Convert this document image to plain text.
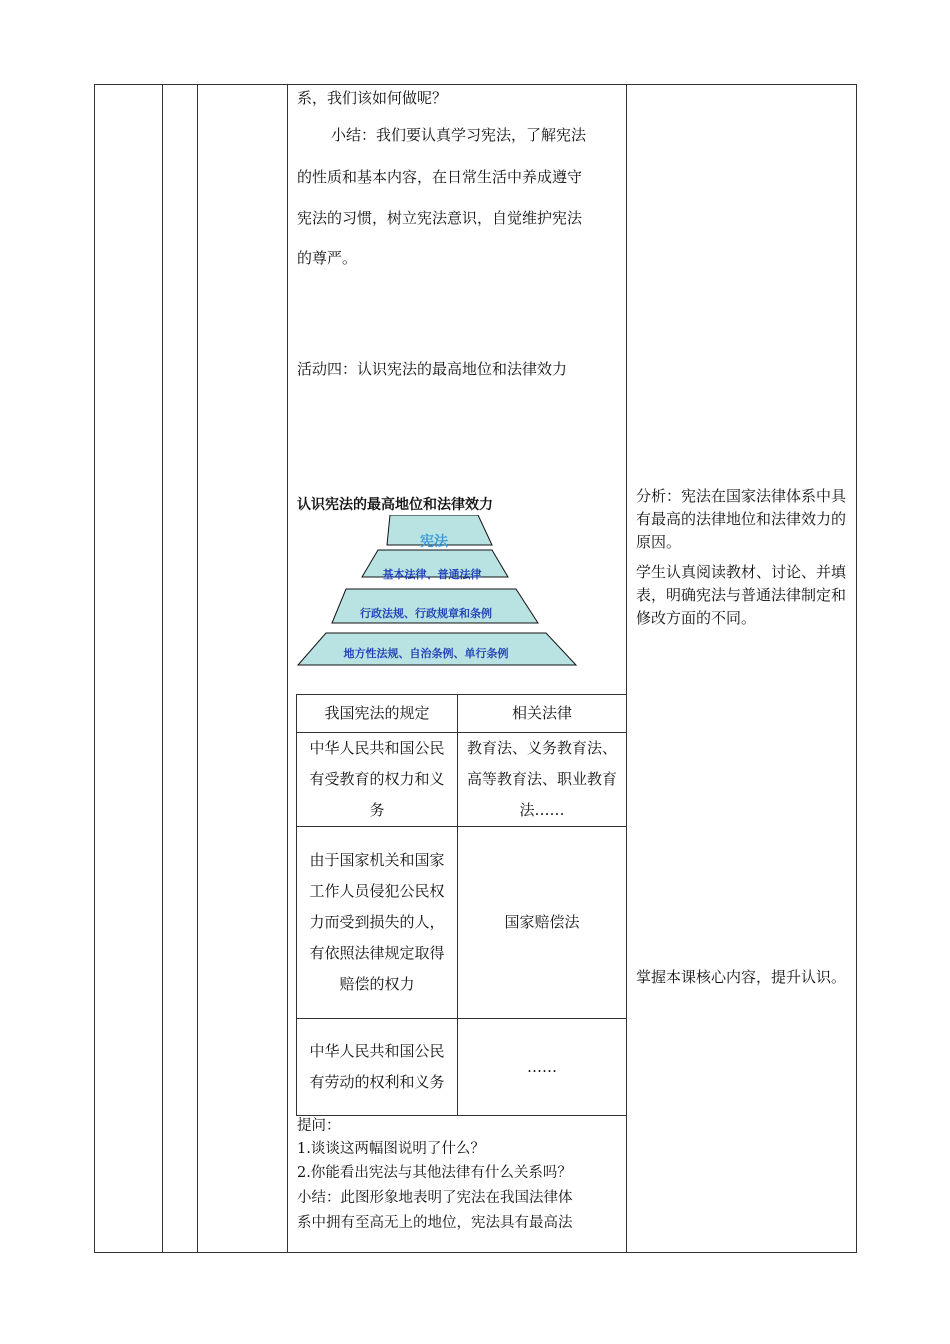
系，我们该如何做呢？
小结：我们要认真学习宪法，了解宪法
的性质和基本内容，在日常生活中养成遵守
宪法的习惯，树立宪法意识，自觉维护宪法
的尊严。
活动四：认识宪法的最高地位和法律效力
认识宪法的最高地位和法律效力
宪法
基本法律、普通法律
行政法规、行政规章和条例
地方性法规、自治条例、单行条例
我国宪法的规定	相关法律
中华人民共和国公民有受教育的权力和义务	教育法、义务教育法、高等教育法、职业教育法……
由于国家机关和国家工作人员侵犯公民权力而受到损失的人，有依照法律规定取得赔偿的权力	国家赔偿法
中华人民共和国公民有劳动的权利和义务	……
提问：
1.谈谈这两幅图说明了什么？
2.你能看出宪法与其他法律有什么关系吗？
小结：此图形象地表明了宪法在我国法律体
系中拥有至高无上的地位，宪法具有最高法
分析：宪法在国家法律体系中具有最高的法律地位和法律效力的原因。
学生认真阅读教材、讨论、并填表，明确宪法与普通法律制定和修改方面的不同。
掌握本课核心内容，提升认识。
